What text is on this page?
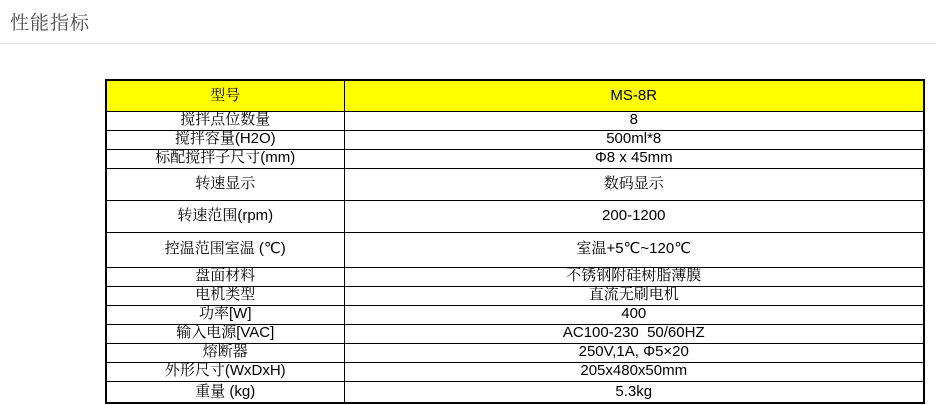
性能指标
型号	MS-8R
搅拌点位数量	8
搅拌容量(H2O)	500ml*8
标配搅拌子尺寸(mm)	Φ8 x 45mm
转速显示	数码显示
转速范围(rpm)	200-1200
控温范围室温 (℃)	室温+5℃~120℃
盘面材料	不锈钢附硅树脂薄膜
电机类型	直流无刷电机
功率[W]	400
输入电源[VAC]	AC100-230  50/60HZ
熔断器	250V,1A, Φ5×20
外形尺寸(WxDxH)	205x480x50mm
重量 (kg)	5.3kg
